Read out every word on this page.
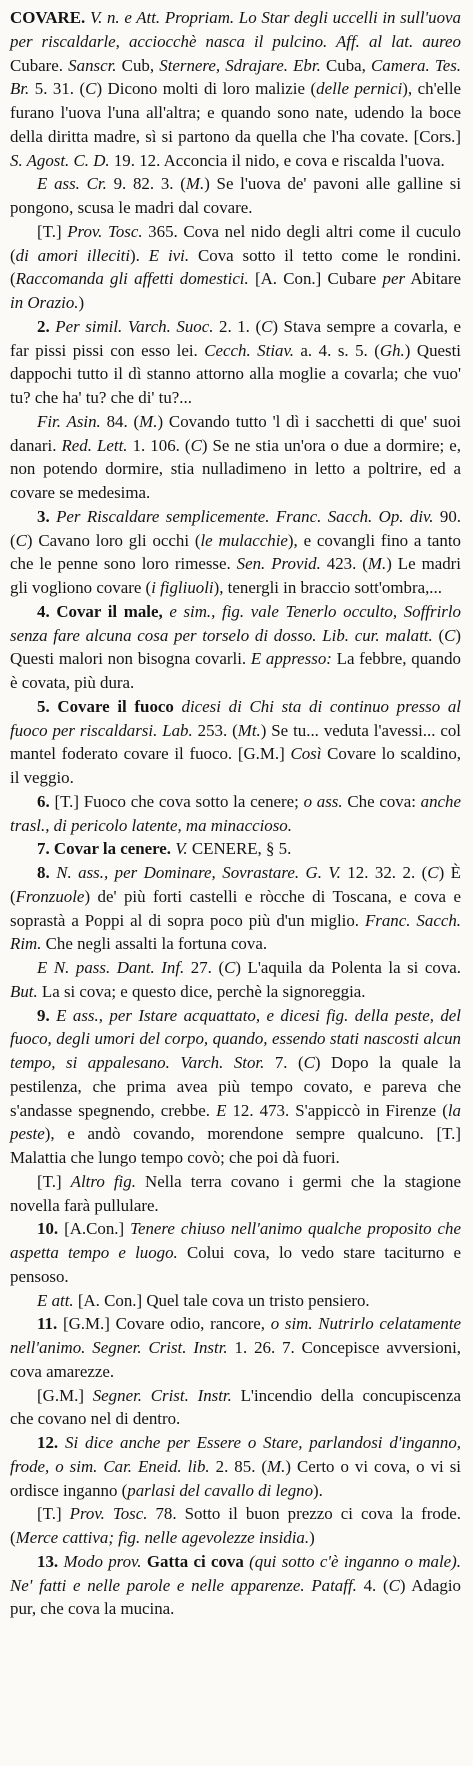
COVARE. V. n. e Att. Propriam. Lo Star degli uccelli in sull'uova per riscaldarle, acciocchè nasca il pulcino. Aff. al lat. aureo Cubare. Sanscr. Cub, Sternere, Sdrajare. Ebr. Cuba, Camera. Tes. Br. 5. 31. (C) Dicono molti di loro malizie (delle pernici), ch'elle furano l'uova l'una all'altra; e quando sono nate, udendo la boce della diritta madre, sì si partono da quella che l'ha covate. [Cors.] S. Agost. C. D. 19. 12. Acconcia il nido, e cova e riscalda l'uova.

E ass. Cr. 9. 82. 3. (M.) Se l'uova de' pavoni alle galline si pongono, scusa le madri dal covare.

[T.] Prov. Tosc. 365. Cova nel nido degli altri come il cuculo (di amori illeciti). E ivi. Cova sotto il tetto come le rondini. (Raccomanda gli affetti domestici. [A. Con.] Cubare per Abitare in Orazio.)

2. Per simil. Varch. Suoc. 2. 1. (C) Stava sempre a covarla, e far pissi pissi con esso lei. Cecch. Stiav. a. 4. s. 5. (Gh.) Questi dappochi tutto il dì stanno attorno alla moglie a covarla; che vuo' tu? che ha' tu? che di' tu?...

Fir. Asin. 84. (M.) Covando tutto 'l dì i sacchetti di que' suoi danari. Red. Lett. 1. 106. (C) Se ne stia un'ora o due a dormire; e, non potendo dormire, stia nulladimeno in letto a poltrire, ed a covare se medesima.

3. Per Riscaldare semplicemente. Franc. Sacch. Op. div. 90. (C) Cavano loro gli occhi (le mulacchie), e covangli fino a tanto che le penne sono loro rimesse. Sen. Provid. 423. (M.) Le madri gli vogliono covare (i figliuoli), tenergli in braccio sott'ombra,...

4. Covar il male, e sim., fig. vale Tenerlo occulto, Soffrirlo senza fare alcuna cosa per torselo di dosso. Lib. cur. malatt. (C) Questi malori non bisogna covarli. E appresso: La febbre, quando è covata, più dura.

5. Covare il fuoco dicesi di Chi sta di continuo presso al fuoco per riscaldarsi. Lab. 253. (Mt.) Se tu... veduta l'avessi... col mantel foderato covare il fuoco. [G.M.] Così Covare lo scaldino, il veggio.

6. [T.] Fuoco che cova sotto la cenere; o ass. Che cova: anche trasl., di pericolo latente, ma minaccioso.

7. Covar la cenere. V. CENERE, § 5.

8. N. ass., per Dominare, Sovrastare. G. V. 12. 32. 2. (C) È (Fronzuole) de' più forti castelli e ròcche di Toscana, e cova e soprastà a Poppi al di sopra poco più d'un miglio. Franc. Sacch. Rim. Che negli assalti la fortuna cova.

E N. pass. Dant. Inf. 27. (C) L'aquila da Polenta la si cova. But. La si cova; e questo dice, perchè la signoreggia.

9. E ass., per Istare acquattato, e dicesi fig. della peste, del fuoco, degli umori del corpo, quando, essendo stati nascosti alcun tempo, si appalesano. Varch. Stor. 7. (C) Dopo la quale la pestilenza, che prima avea più tempo covato, e pareva che s'andasse spegnendo, crebbe. E 12. 473. S'appiccò in Firenze (la peste), e andò covando, morendone sempre qualcuno. [T.] Malattia che lungo tempo covò; che poi dà fuori.

[T.] Altro fig. Nella terra covano i germi che la stagione novella farà pullulare.

10. [A.Con.] Tenere chiuso nell'animo qualche proposito che aspetta tempo e luogo. Colui cova, lo vedo stare taciturno e pensoso.

E att. [A. Con.] Quel tale cova un tristo pensiero.

11. [G.M.] Covare odio, rancore, o sim. Nutrirlo celatamente nell'animo. Segner. Crist. Instr. 1. 26. 7. Concepisce avversioni, cova amarezze.

[G.M.] Segner. Crist. Instr. L'incendio della concupiscenza che covano nel di dentro.

12. Si dice anche per Essere o Stare, parlandosi d'inganno, frode, o sim. Car. Eneid. lib. 2. 85. (M.) Certo o vi cova, o vi si ordisce inganno (parlasi del cavallo di legno).

[T.] Prov. Tosc. 78. Sotto il buon prezzo ci cova la frode. (Merce cattiva; fig. nelle agevolezze insidia.)

13. Modo prov. Gatta ci cova (qui sotto c'è inganno o male). Ne' fatti e nelle parole e nelle apparenze. Pataff. 4. (C) Adagio pur, che cova la mucina.
